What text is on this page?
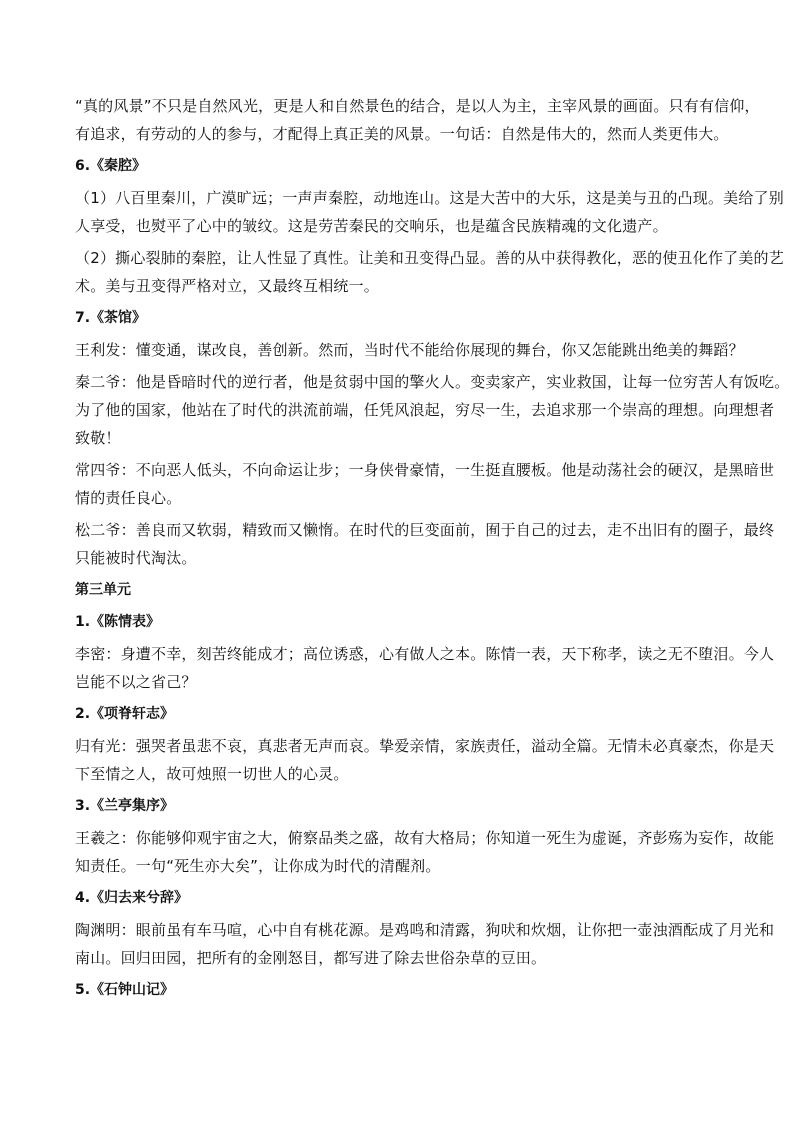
“真的风景”不只是自然风光，更是人和自然景色的结合，是以人为主，主宰风景的画面。只有有信仰，
有追求，有劳动的人的参与，才配得上真正美的风景。一句话：自然是伟大的，然而人类更伟大。

6.《秦腔》

（1）八百里秦川，广漠旷远；一声声秦腔，动地连山。这是大苦中的大乐，这是美与丑的凸现。美给了别
人享受，也熨平了心中的皱纹。这是劳苦秦民的交响乐，也是蕴含民族精魂的文化遗产。

（2）撕心裂肺的秦腔，让人性显了真性。让美和丑变得凸显。善的从中获得教化，恶的使丑化作了美的艺
术。美与丑变得严格对立，又最终互相统一。

7.《茶馆》

王利发：懂变通，谋改良，善创新。然而，当时代不能给你展现的舞台，你又怎能跳出绝美的舞蹈？

秦二爷：他是昏暗时代的逆行者，他是贫弱中国的擎火人。变卖家产，实业救国，让每一位穷苦人有饭吃。
为了他的国家，他站在了时代的洪流前端，任凭风浪起，穷尽一生，去追求那一个崇高的理想。向理想者
致敬！

常四爷：不向恶人低头，不向命运让步；一身侠骨豪情，一生挺直腰板。他是动荡社会的硬汉，是黑暗世
情的责任良心。

松二爷：善良而又软弱，精致而又懒惰。在时代的巨变面前，囿于自己的过去，走不出旧有的圈子，最终
只能被时代淘汰。

第三单元
1.《陈情表》

李密：身遭不幸，刻苦终能成才；高位诱惑，心有做人之本。陈情一表，天下称孝，读之无不堕泪。今人
岂能不以之省己？

2.《项脊轩志》

归有光：强哭者虽悲不哀，真悲者无声而哀。挚爱亲情，家族责任，溢动全篇。无情未必真豪杰，你是天
下至情之人，故可烛照一切世人的心灵。

3.《兰亭集序》

王羲之：你能够仰观宇宙之大，俯察品类之盛，故有大格局；你知道一死生为虚诞，齐彭殇为妄作，故能
知责任。一句“死生亦大矣”，让你成为时代的清醒剂。

4.《归去来兮辞》

陶渊明：眼前虽有车马喧，心中自有桃花源。是鸡鸣和清露，狗吠和炊烟，让你把一壶浊酒酝成了月光和
南山。回归田园，把所有的金刚怒目，都写进了除去世俗杂草的豆田。

5.《石钟山记》
